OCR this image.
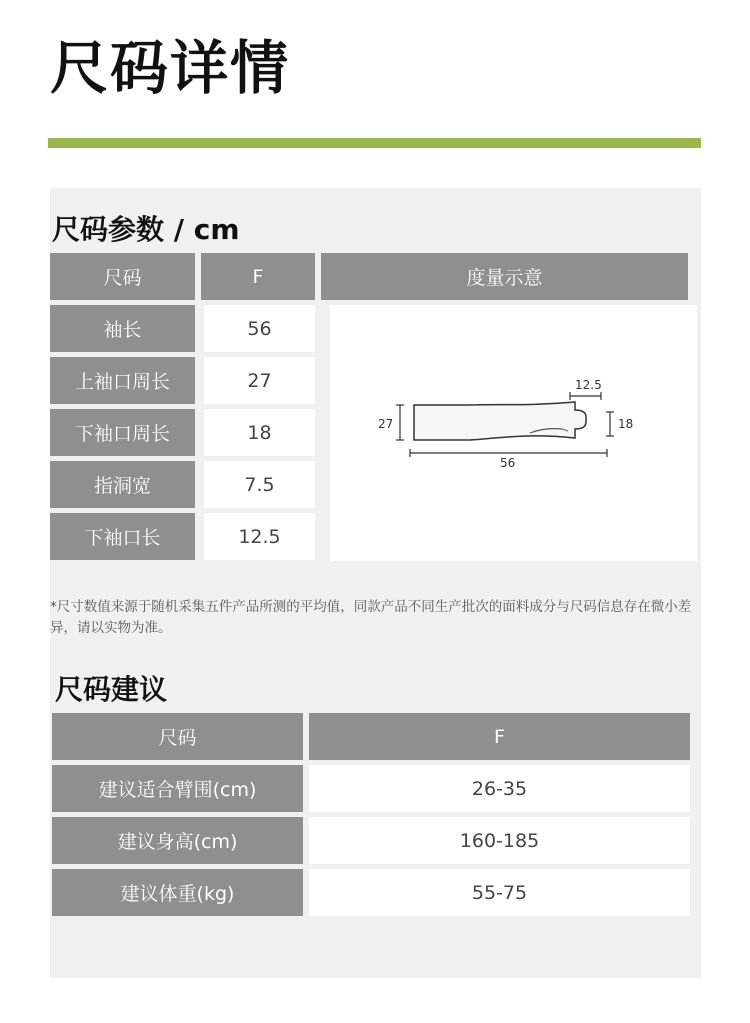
尺码详情
尺码参数 / cm
尺码	F	度量示意
袖长	56
上袖口周长	27
下袖口周长	18
指洞宽	7.5
下袖口长	12.5
27	18
12.5
56
*尺寸数值来源于随机采集五件产品所测的平均值，同款产品不同生产批次的面料成分与尺码信息存在微小差异，请以实物为准。
尺码建议
尺码	F
建议适合臂围(cm)	26-35
建议身高(cm)	160-185
建议体重(kg)	55-75
